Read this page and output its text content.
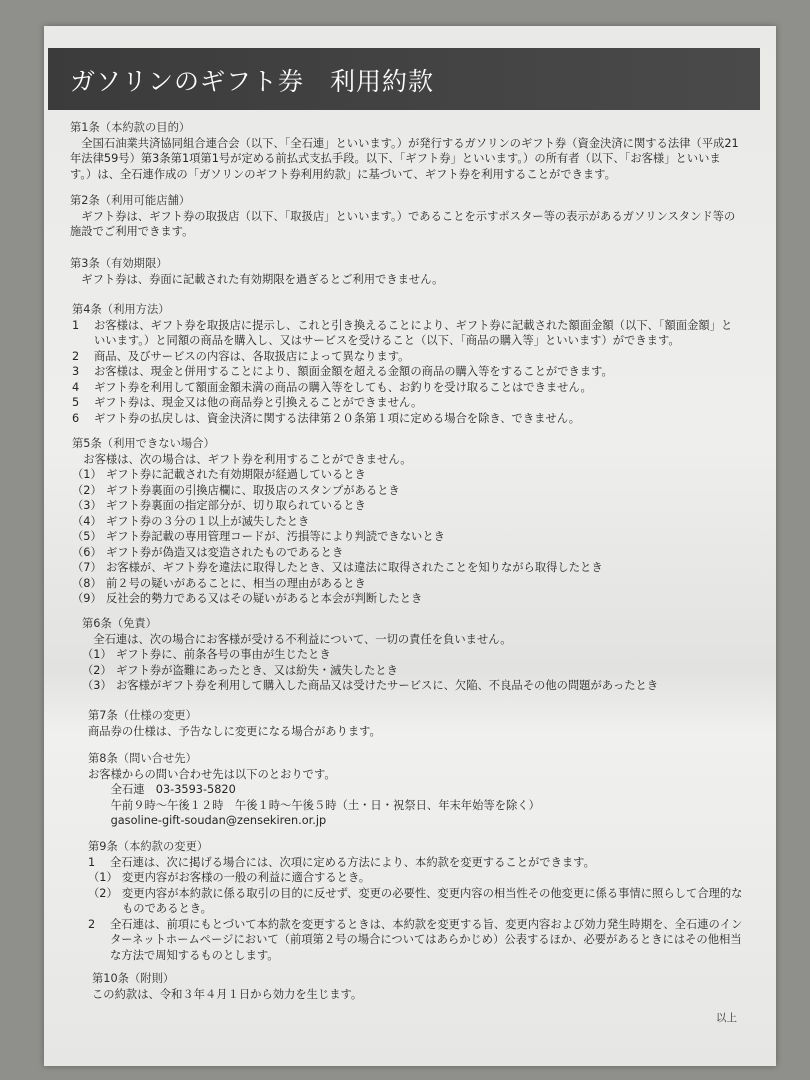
ガソリンのギフト券　利用約款
第1条（本約款の目的）
　全国石油業共済協同組合連合会（以下、「全石連」といいます。）が発行するガソリンのギフト券（資金決済に関する法律（平成21
年法律59号）第3条第1項第1号が定める前払式支払手段。以下、「ギフト券」といいます。）の所有者（以下、「お客様」といいま
す。）は、全石連作成の「ガソリンのギフト券利用約款」に基づいて、ギフト券を利用することができます。
第2条（利用可能店舗）
　ギフト券は、ギフト券の取扱店（以下、「取扱店」といいます。）であることを示すポスター等の表示があるガソリンスタンド等の
施設でご利用できます。
第3条（有効期限）
　ギフト券は、券面に記載された有効期限を過ぎるとご利用できません。
第4条（利用方法）
1	お客様は、ギフト券を取扱店に提示し、これと引き換えることにより、ギフト券に記載された額面金額（以下、「額面金額」と
いいます。）と同額の商品を購入し、又はサービスを受けること（以下、「商品の購入等」といいます）ができます。
2	商品、及びサービスの内容は、各取扱店によって異なります。
3	お客様は、現金と併用することにより、額面金額を超える金額の商品の購入等をすることができます。
4	ギフト券を利用して額面金額未満の商品の購入等をしても、お釣りを受け取ることはできません。
5	ギフト券は、現金又は他の商品券と引換えることができません。
6	ギフト券の払戻しは、資金決済に関する法律第２０条第１項に定める場合を除き、できません。
第5条（利用できない場合）
　お客様は、次の場合は、ギフト券を利用することができません。
（1） ギフト券に記載された有効期限が経過しているとき
（2） ギフト券裏面の引換店欄に、取扱店のスタンプがあるとき
（3） ギフト券裏面の指定部分が、切り取られているとき
（4） ギフト券の３分の１以上が滅失したとき
（5） ギフト券記載の専用管理コードが、汚損等により判読できないとき
（6） ギフト券が偽造又は変造されたものであるとき
（7） お客様が、ギフト券を違法に取得したとき、又は違法に取得されたことを知りながら取得したとき
（8） 前２号の疑いがあることに、相当の理由があるとき
（9） 反社会的勢力である又はその疑いがあると本会が判断したとき
第6条（免責）
　全石連は、次の場合にお客様が受ける不利益について、一切の責任を負いません。
（1） ギフト券に、前条各号の事由が生じたとき
（2） ギフト券が盗難にあったとき、又は紛失・滅失したとき
（3） お客様がギフト券を利用して購入した商品又は受けたサービスに、欠陥、不良品その他の問題があったとき
第7条（仕様の変更）
商品券の仕様は、予告なしに変更になる場合があります。
第8条（問い合せ先）
お客様からの問い合わせ先は以下のとおりです。
　　全石連　03-3593-5820
　　午前９時～午後１２時　午後１時～午後５時（土・日・祝祭日、年末年始等を除く）
　　gasoline-gift-soudan@zensekiren.or.jp
第9条（本約款の変更）
1	全石連は、次に掲げる場合には、次項に定める方法により、本約款を変更することができます。
（1） 変更内容がお客様の一般の利益に適合するとき。
（2） 変更内容が本約款に係る取引の目的に反せず、変更の必要性、変更内容の相当性その他変更に係る事情に照らして合理的な

ものであるとき。
2	全石連は、前項にもとづいて本約款を変更するときは、本約款を変更する旨、変更内容および効力発生時期を、全石連のイン
ターネットホームページにおいて（前項第２号の場合についてはあらかじめ）公表するほか、必要があるときにはその他相当
な方法で周知するものとします。
第10条（附則）
この約款は、令和３年４月１日から効力を生じます。
以上
